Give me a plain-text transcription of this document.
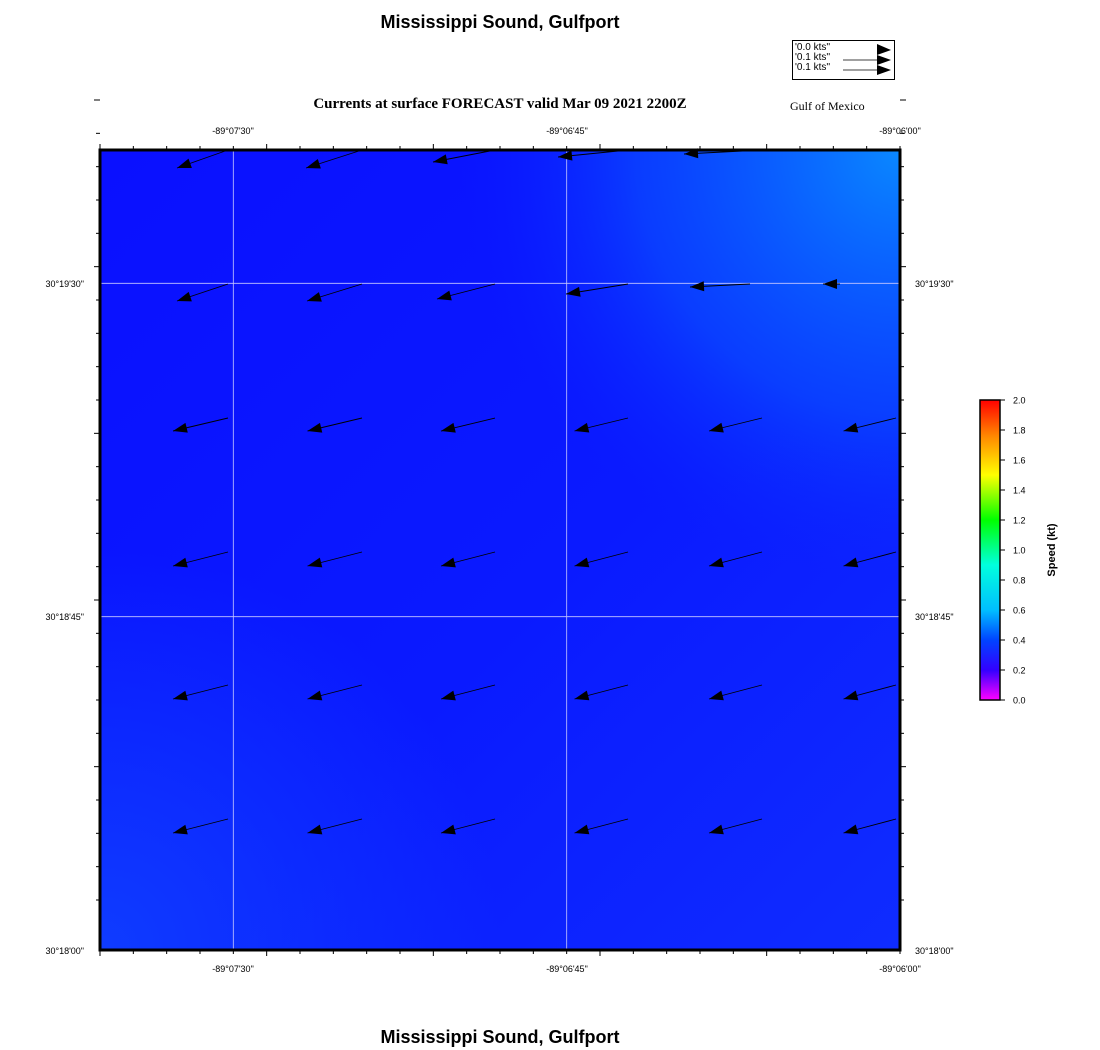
Mississippi Sound, Gulfport
Currents at surface FORECAST valid Mar 09 2021 2200Z	Gulf of Mexico
'0.0 kts''
'0.1 kts''
'0.1 kts''
-89°07'30"	-89°06'45"	-89°06'00"
-89°07'30"	-89°06'45"	-89°06'00"
30°19'30"
30°18'45"
30°18'00"
30°19'30"
30°18'45"
30°18'00"
0.0
0.2
0.4
0.6
0.8
1.0
1.2
1.4
1.6
1.8
2.0
Speed (kt)
Mississippi Sound, Gulfport
